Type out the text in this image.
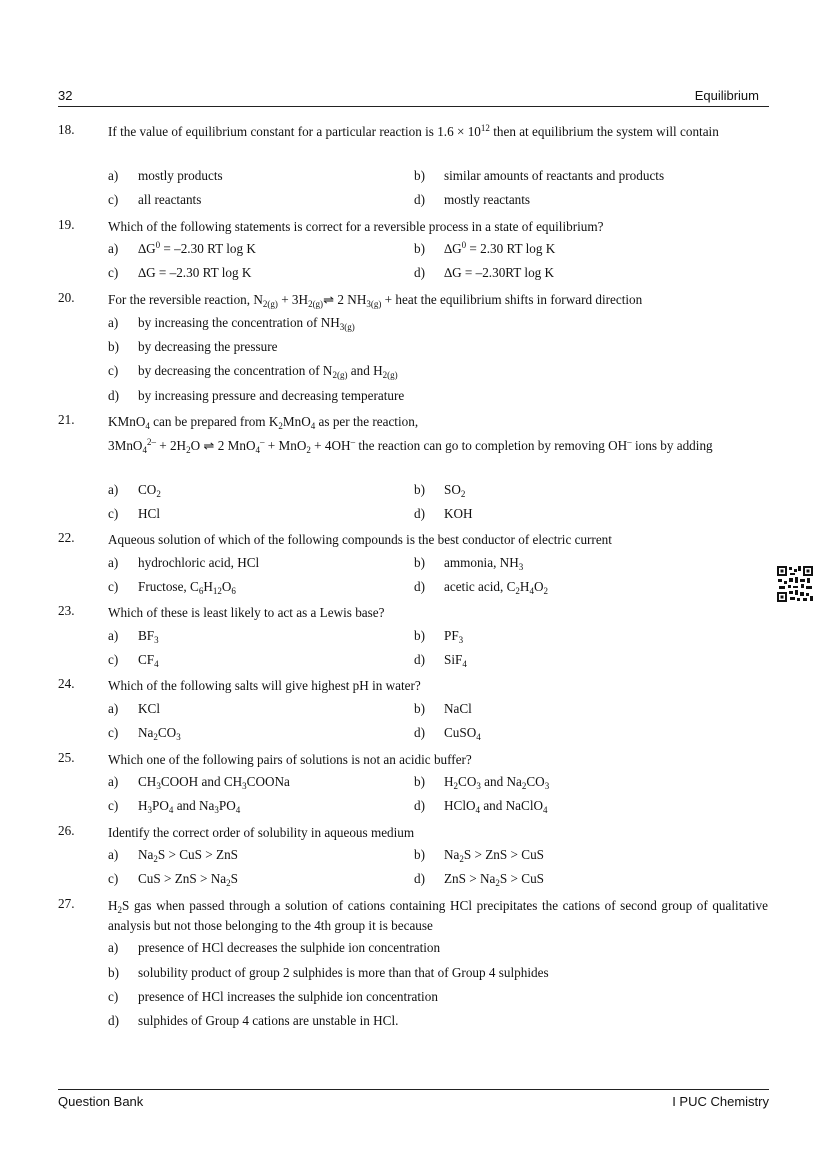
32	Equilibrium
18.	If the value of equilibrium constant for a particular reaction is $1.6 \times 10^{12}$ then at equilibrium the system will contain
a) mostly products	b) similar amounts of reactants and products
c) all reactants	d) mostly reactants
19.	Which of the following statements is correct for a reversible process in a state of equilibrium?
a) $\Delta G^0 = -2.30$ RT log K	b) $\Delta G^0 = 2.30$ RT log K
c) ∆G = –2.30 RT log K	d) ∆G = –2.30RT log K
20.	For the reversible reaction, $N_{2(g)}$ + $3H_{2(g)}\rightleftharpoons$ 2 $NH_{3(g)}$ + heat the equilibrium shifts in forward direction
a) by increasing the concentration of $NH_{3(g)}$
b) by decreasing the pressure
c) by decreasing the concentration of $N_{2(g)}$ and $H_{2(g)}$
d) by increasing pressure and decreasing temperature
21.	KMnO$_4$ can be prepared from $K_2MnO_4$ as per the reaction,
$3MnO_4^{2-} + 2H_2O$ ⇌ 2 MnO$_4$– + MnO$_2$ + 4OH– the reaction can go to completion by removing OH– ions by adding
a) $CO_2$	b) $SO_2$
c) HCl	d) KOH
22.	Aqueous solution of which of the following compounds is the best conductor of electric current
a) hydrochloric acid, HCl	b) ammonia, $NH_3$
c) Fructose, $C_6H_{12}O_6$	d) acetic acid, $C_2H_4O_2$
23.	Which of these is least likely to act as a Lewis base?
a) $BF_3$	b) $PF_3$
c) $CF_4$	d) SiF$_4$
24.	Which of the following salts will give highest pH in water?
a) KCl	b) NaCl
c) $Na_2CO_3$	d) CuSO$_4$
25.	Which one of the following pairs of solutions is not an acidic buffer?
a) $CH_3COOH$ and $CH_3COONa$	b) $H_2CO_3$ and $Na_2CO_3$
c) $H_3PO_4$ and $Na_3PO_4$	d) HClO$_4$ and NaClO$_4$
26.	Identify the correct order of solubility in aqueous medium
a) $Na_2S$ > CuS > ZnS	b) $Na_2S$ > ZnS > CuS
c) CuS > ZnS > $Na_2S$	d) ZnS > $Na_2S$ > CuS
27.	$H_2S$ gas when passed through a solution of cations containing HCl precipitates the cations of second group of qualitative analysis but not those belonging to the 4th group it is because
a) presence of HCl decreases the sulphide ion concentration
b) solubility product of group 2 sulphides is more than that of Group 4 sulphides
c) presence of HCl increases the sulphide ion concentration
d) sulphides of Group 4 cations are unstable in HCl.
Question Bank	I PUC Chemistry
